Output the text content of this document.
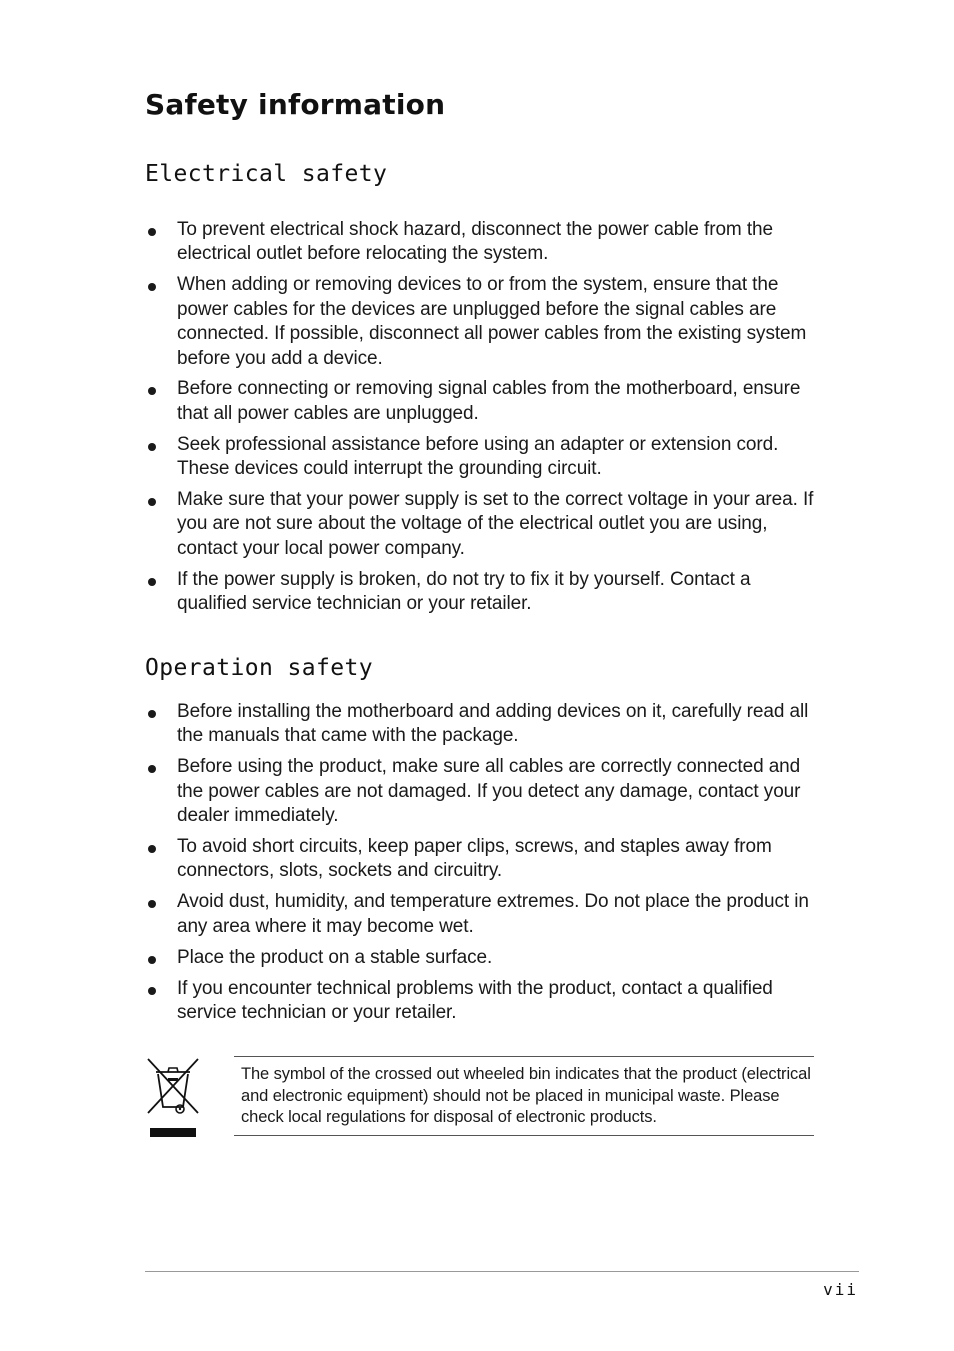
Safety information
Electrical safety
To prevent electrical shock hazard, disconnect the power cable from the electrical outlet before relocating the system.
When adding or removing devices to or from the system, ensure that the power cables for the devices are unplugged before the signal cables are connected. If possible, disconnect all power cables from the existing system before you add a device.
Before connecting or removing signal cables from the motherboard, ensure that all power cables are unplugged.
Seek professional assistance before using an adapter or extension cord. These devices could interrupt the grounding circuit.
Make sure that your power supply is set to the correct voltage in your area. If you are not sure about the voltage of the electrical outlet you are using, contact your local power company.
If the power supply is broken, do not try to fix it by yourself. Contact a qualified service technician or your retailer.
Operation safety
Before installing the motherboard and adding devices on it, carefully read all the manuals that came with the package.
Before using the product, make sure all cables are correctly connected and the power cables are not damaged. If you detect any damage, contact your dealer immediately.
To avoid short circuits, keep paper clips, screws, and staples away from connectors, slots, sockets and circuitry.
Avoid dust, humidity, and temperature extremes. Do not place the product in any area where it may become wet.
Place the product on a stable surface.
If you encounter technical problems with the product, contact a qualified service technician or your retailer.

The symbol of the crossed out wheeled bin indicates that the product (electrical and electronic equipment) should not be placed in municipal waste. Please check local regulations for disposal of electronic products.

vii
